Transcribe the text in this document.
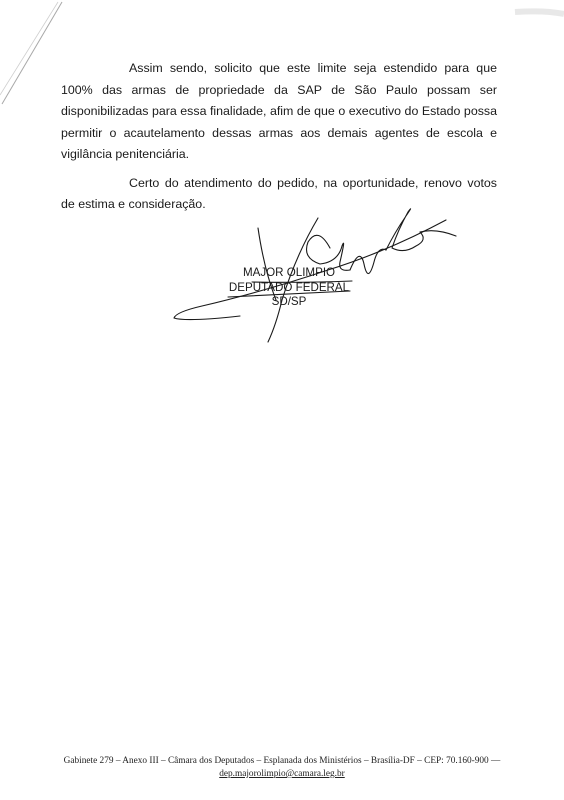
Assim sendo, solicito que este limite seja estendido para que 100% das armas de propriedade da SAP de São Paulo possam ser disponibilizadas para essa finalidade, afim de que o executivo do Estado possa permitir o acautelamento dessas armas aos demais agentes de escola e vigilância penitenciária.

Certo do atendimento do pedido, na oportunidade, renovo votos de estima e consideração.

MAJOR OLIMPIO
DEPUTADO FEDERAL
SD/SP
Gabinete 279 – Anexo III – Câmara dos Deputados – Esplanada dos Ministérios – Brasília-DF – CEP: 70.160-900 —
dep.majorolimpio@camara.leg.br
